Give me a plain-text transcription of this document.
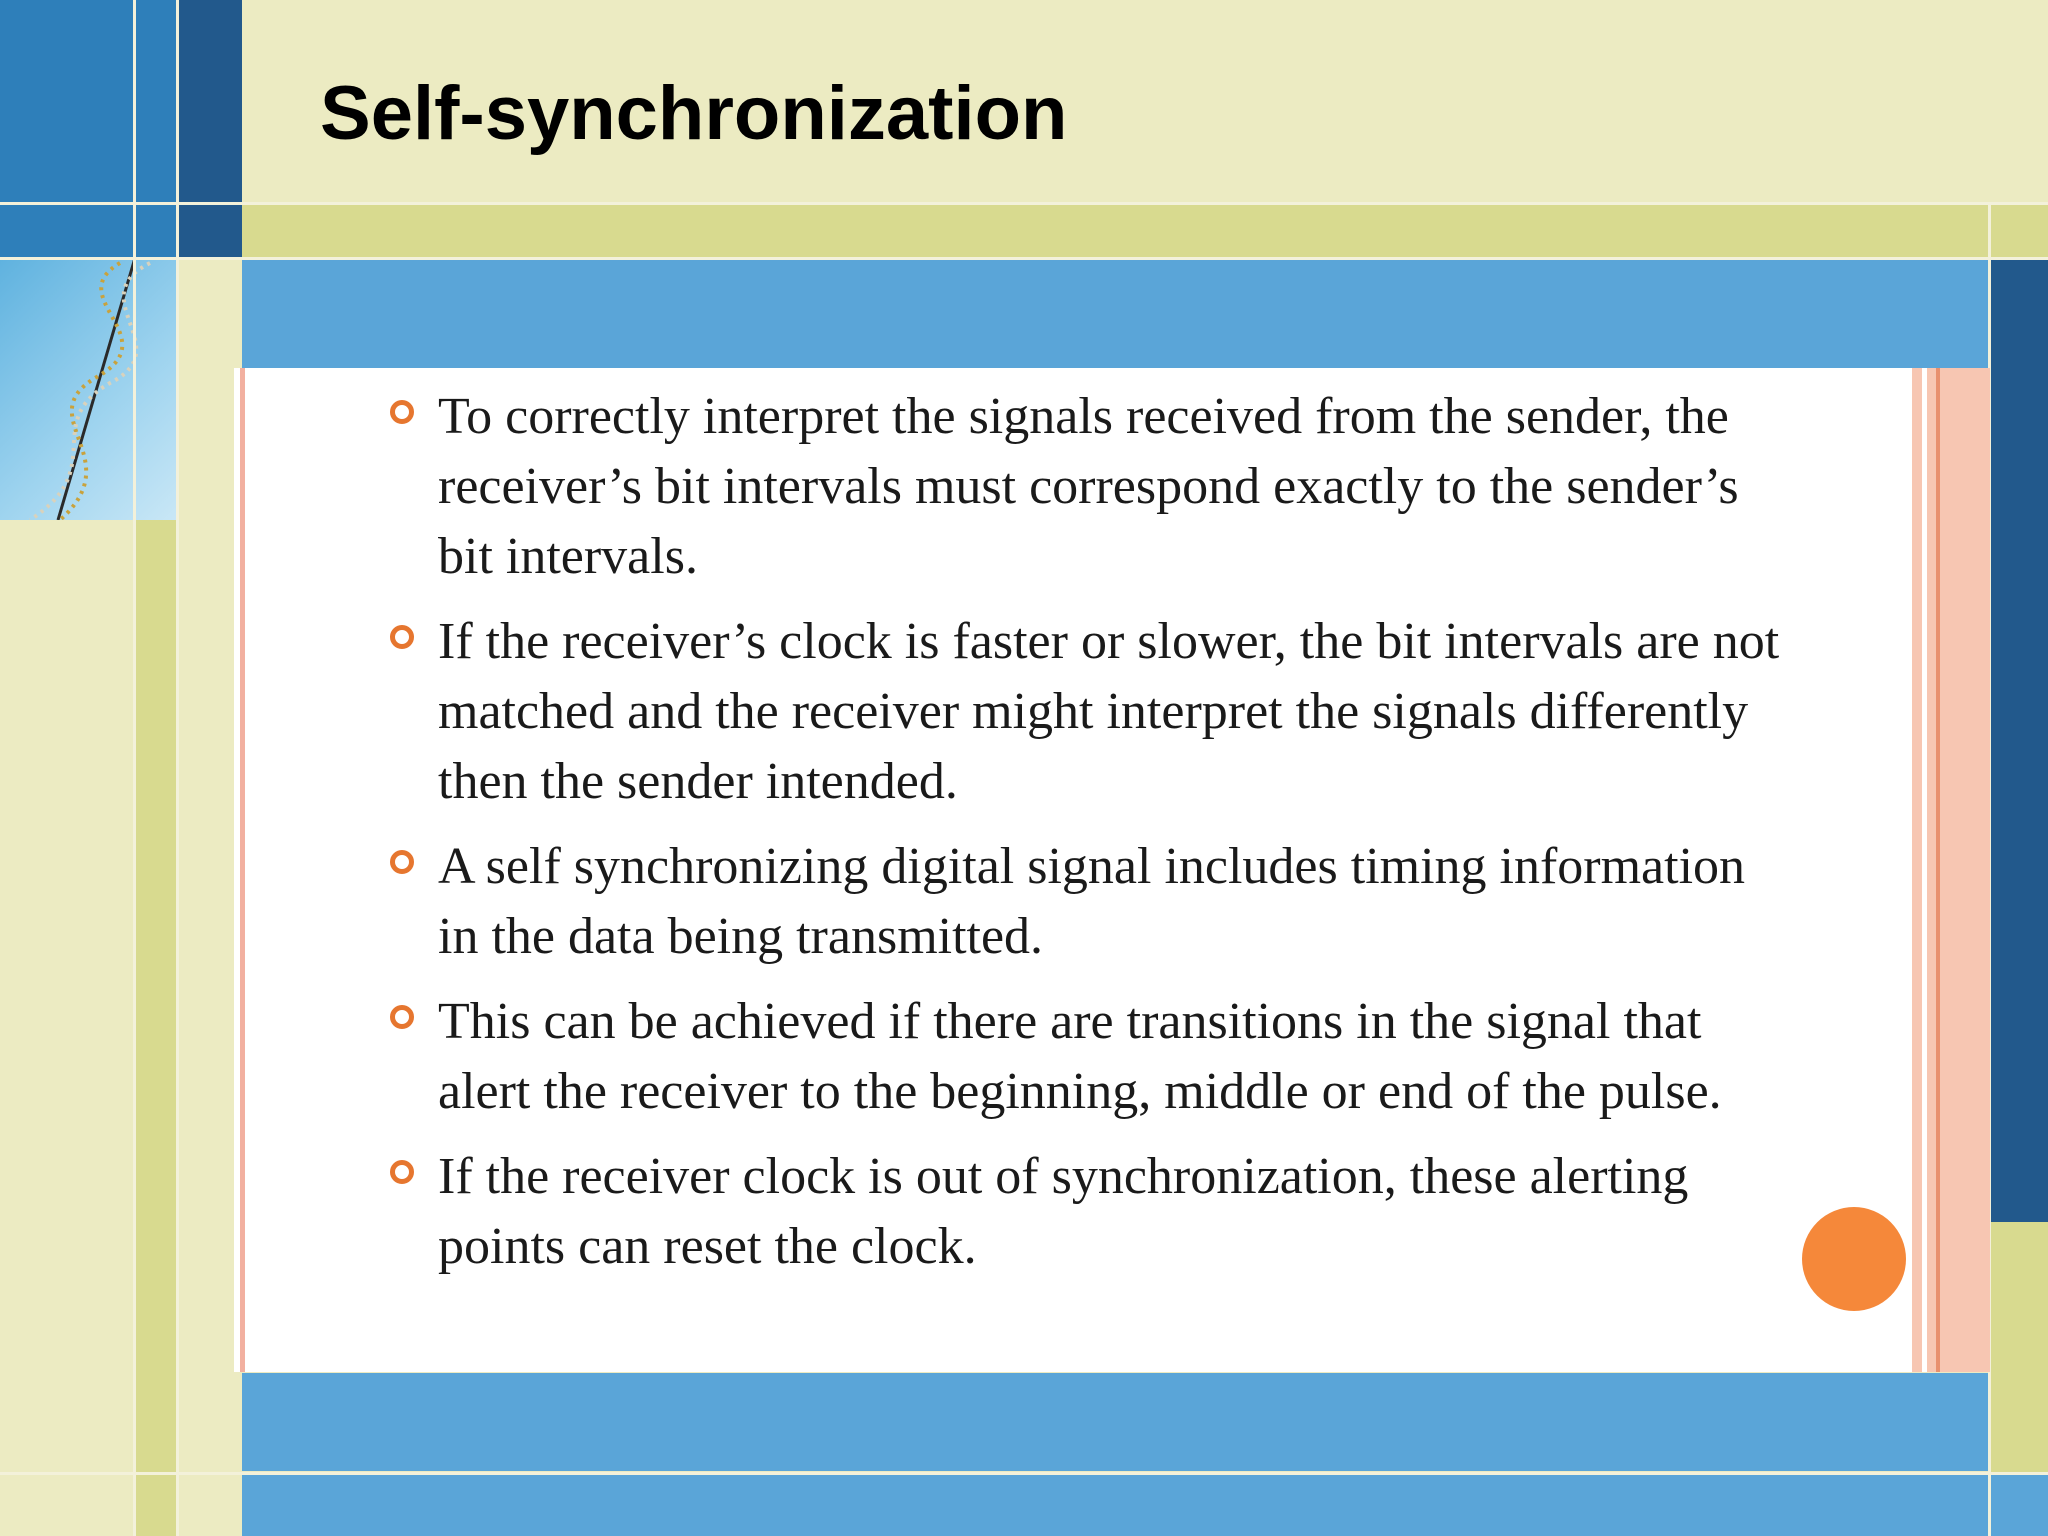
Self-synchronization
To correctly interpret the signals received from the sender, the receiver’s bit intervals must correspond exactly to the sender’s bit intervals.
If the receiver’s clock is faster or slower, the bit intervals are not matched and the receiver might interpret the signals differently then the sender intended.
A self synchronizing digital signal includes timing information in the data being transmitted.
This can be achieved if there are transitions in the signal that alert the receiver to the beginning, middle or end of the pulse.
If the receiver clock is out of synchronization, these alerting points can reset the clock.
